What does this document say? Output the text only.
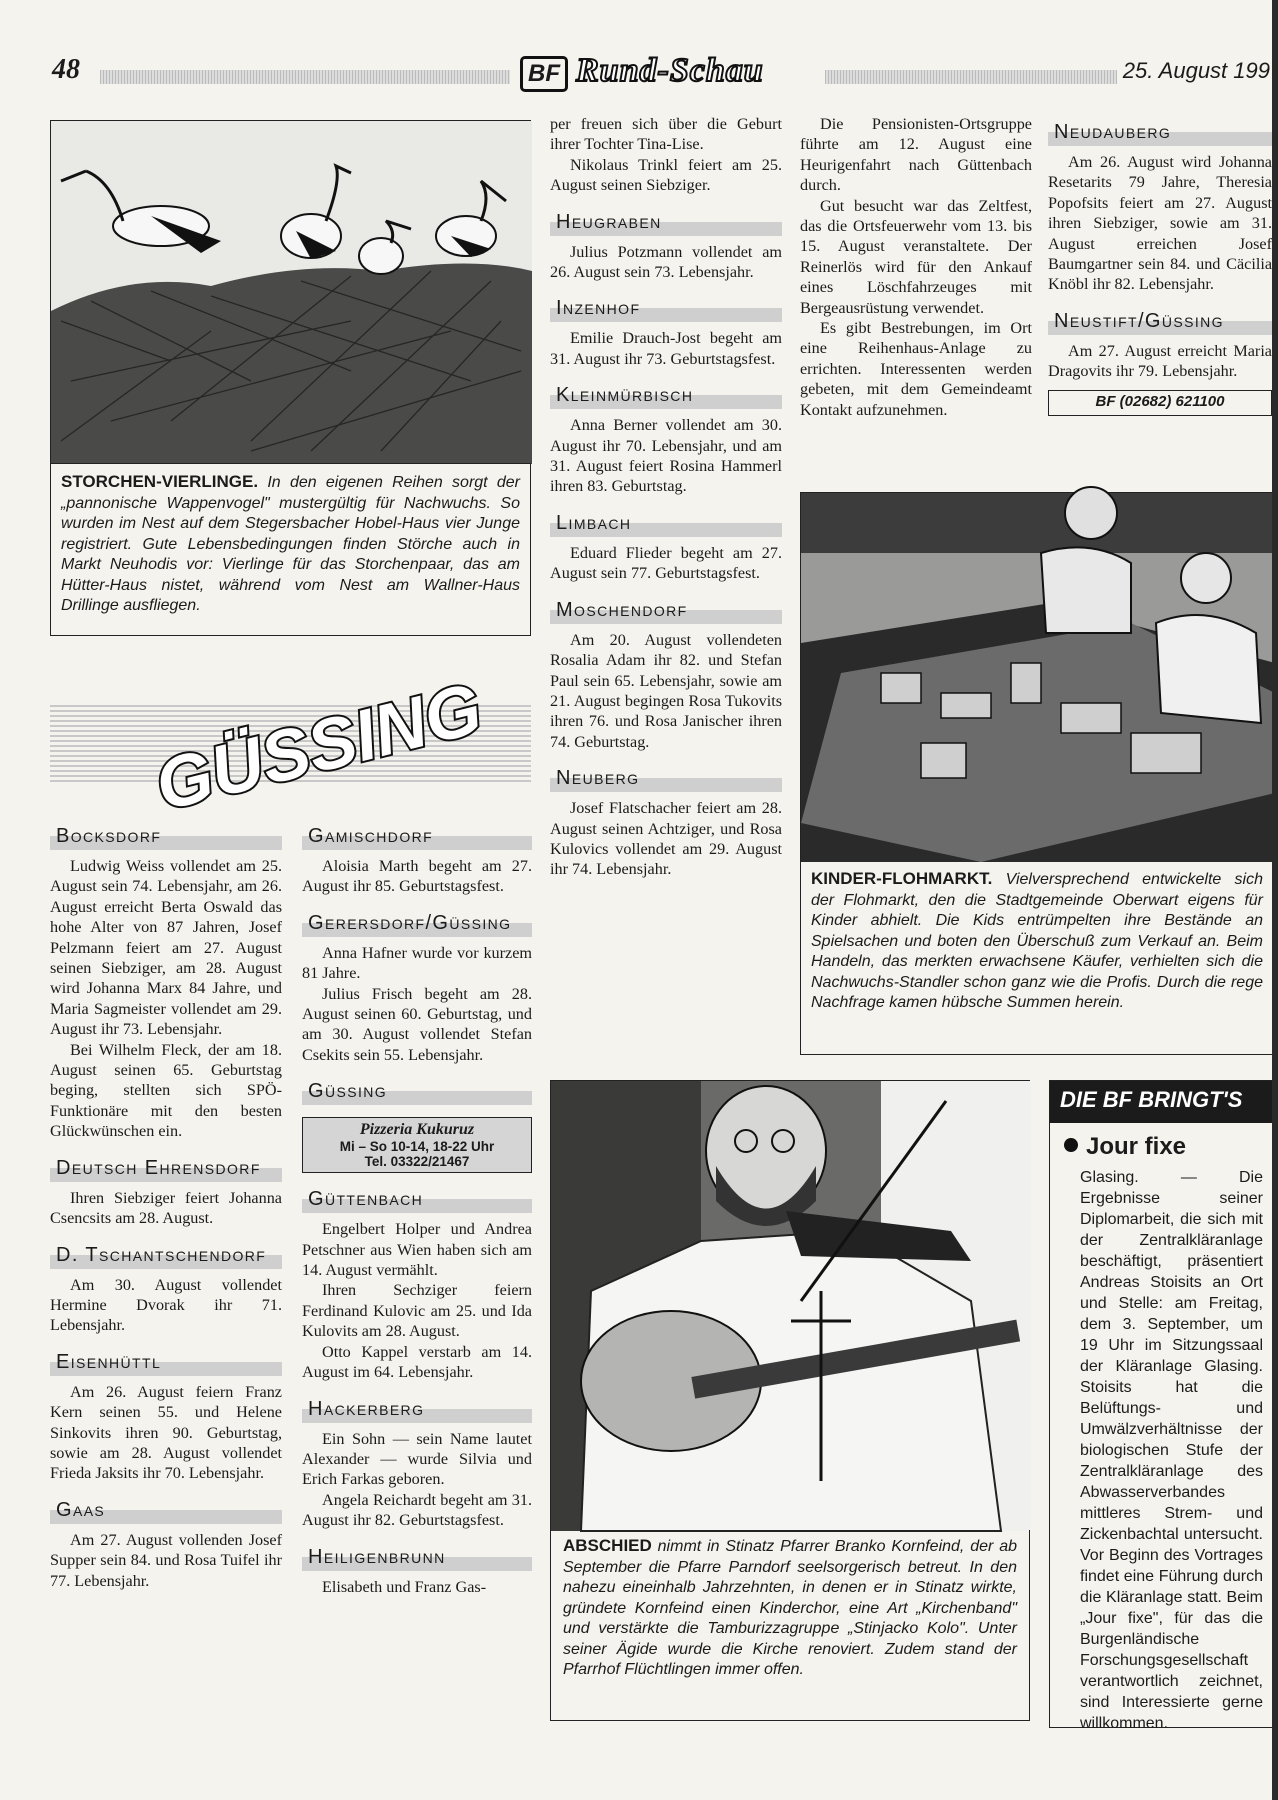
48	BF Rund-Schau	25. August 199

STORCHEN-VIERLINGE. In den eigenen Reihen sorgt der „pannonische Wappenvogel" mustergültig für Nachwuchs. So wurden im Nest auf dem Stegersbacher Hobel-Haus vier Junge registriert. Gute Lebensbedingungen finden Störche auch in Markt Neuhodis vor: Vierlinge für das Storchenpaar, das am Hütter-Haus nistet, während vom Nest am Wallner-Haus Drillinge ausfliegen.

GÜSSING
Bocksdorf

Ludwig Weiss vollendet am 25. August sein 74. Lebensjahr, am 26. August erreicht Berta Oswald das hohe Alter von 87 Jahren, Josef Pelzmann feiert am 27. August seinen Siebziger, am 28. August wird Johanna Marx 84 Jahre, und Maria Sagmeister vollendet am 29. August ihr 73. Lebensjahr.

Bei Wilhelm Fleck, der am 18. August seinen 65. Geburtstag beging, stellten sich SPÖ-Funktionäre mit den besten Glückwünschen ein.

Deutsch Ehrensdorf

Ihren Siebziger feiert Johanna Csencsits am 28. August.

D. Tschantschendorf

Am 30. August vollendet Hermine Dvorak ihr 71. Lebensjahr.

Eisenhüttl

Am 26. August feiern Franz Kern seinen 55. und Helene Sinkovits ihren 90. Geburtstag, sowie am 28. August vollendet Frieda Jaksits ihr 70. Lebensjahr.

Gaas

Am 27. August vollenden Josef Supper sein 84. und Rosa Tuifel ihr 77. Lebensjahr.

Gamischdorf

Aloisia Marth begeht am 27. August ihr 85. Geburtstagsfest.

Gerersdorf/Güssing

Anna Hafner wurde vor kurzem 81 Jahre.

Julius Frisch begeht am 28. August seinen 60. Geburtstag, und am 30. August vollendet Stefan Csekits sein 55. Lebensjahr.

Güssing
Pizzeria Kukuruz
Mi – So 10-14, 18-22 Uhr
Tel. 03322/21467
Güttenbach

Engelbert Holper und Andrea Petschner aus Wien haben sich am 14. August vermählt.

Ihren Sechziger feiern Ferdinand Kulovic am 25. und Ida Kulovits am 28. August.

Otto Kappel verstarb am 14. August im 64. Lebensjahr.

Hackerberg

Ein Sohn — sein Name lautet Alexander — wurde Silvia und Erich Farkas geboren.

Angela Reichardt begeht am 31. August ihr 82. Geburtstagsfest.

Heiligenbrunn

Elisabeth und Franz Gas-

per freuen sich über die Geburt ihrer Tochter Tina-Lise.

Nikolaus Trinkl feiert am 25. August seinen Siebziger.

Heugraben

Julius Potzmann vollendet am 26. August sein 73. Lebensjahr.

Inzenhof

Emilie Drauch-Jost begeht am 31. August ihr 73. Geburtstagsfest.

Kleinmürbisch

Anna Berner vollendet am 30. August ihr 70. Lebensjahr, und am 31. August feiert Rosina Hammerl ihren 83. Geburtstag.

Limbach

Eduard Flieder begeht am 27. August sein 77. Geburtstagsfest.

Moschendorf

Am 20. August vollendeten Rosalia Adam ihr 82. und Stefan Paul sein 65. Lebensjahr, sowie am 21. August begingen Rosa Tukovits ihren 76. und Rosa Janischer ihren 74. Geburtstag.

Neuberg

Josef Flatschacher feiert am 28. August seinen Achtziger, und Rosa Kulovics vollendet am 29. August ihr 74. Lebensjahr.

Die Pensionisten-Ortsgruppe führte am 12. August eine Heurigenfahrt nach Güttenbach durch.

Gut besucht war das Zeltfest, das die Ortsfeuerwehr vom 13. bis 15. August veranstaltete. Der Reinerlös wird für den Ankauf eines Löschfahrzeuges mit Bergeausrüstung verwendet.

Es gibt Bestrebungen, im Ort eine Reihenhaus-Anlage zu errichten. Interessenten werden gebeten, mit dem Gemeindeamt Kontakt aufzunehmen.

Neudauberg

Am 26. August wird Johanna Resetarits 79 Jahre, Theresia Popofsits feiert am 27. August ihren Siebziger, sowie am 31. August erreichen Josef Baumgartner sein 84. und Cäcilia Knöbl ihr 82. Lebensjahr.

Neustift/Güssing

Am 27. August erreicht Maria Dragovits ihr 79. Lebensjahr.

BF (02682) 621100

KINDER-FLOHMARKT. Vielversprechend entwickelte sich der Flohmarkt, den die Stadtgemeinde Oberwart eigens für Kinder abhielt. Die Kids entrümpelten ihre Bestände an Spielsachen und boten den Überschuß zum Verkauf an. Beim Handeln, das merkten erwachsene Käufer, verhielten sich die Nachwuchs-Standler schon ganz wie die Profis. Durch die rege Nachfrage kamen hübsche Summen herein.

ABSCHIED nimmt in Stinatz Pfarrer Branko Kornfeind, der ab September die Pfarre Parndorf seelsorgerisch betreut. In den nahezu eineinhalb Jahrzehnten, in denen er in Stinatz wirkte, gründete Kornfeind einen Kinderchor, eine Art „Kirchenband" und verstärkte die Tamburizzagruppe „Stinjacko Kolo". Unter seiner Ägide wurde die Kirche renoviert. Zudem stand der Pfarrhof Flüchtlingen immer offen.

DIE BF BRINGT'S
Jour fixe

Glasing. — Die Ergebnisse seiner Diplomarbeit, die sich mit der Zentralkläranlage beschäftigt, präsentiert Andreas Stoisits an Ort und Stelle: am Freitag, dem 3. September, um 19 Uhr im Sitzungssaal der Kläranlage Glasing. Stoisits hat die Belüftungs- und Umwälzverhältnisse der biologischen Stufe der Zentralkläranlage des Abwasserverbandes mittleres Strem- und Zickenbachtal untersucht. Vor Beginn des Vortrages findet eine Führung durch die Kläranlage statt. Beim „Jour fixe", für das die Burgenländische Forschungsgesellschaft verantwortlich zeichnet, sind Interessierte gerne willkommen.
